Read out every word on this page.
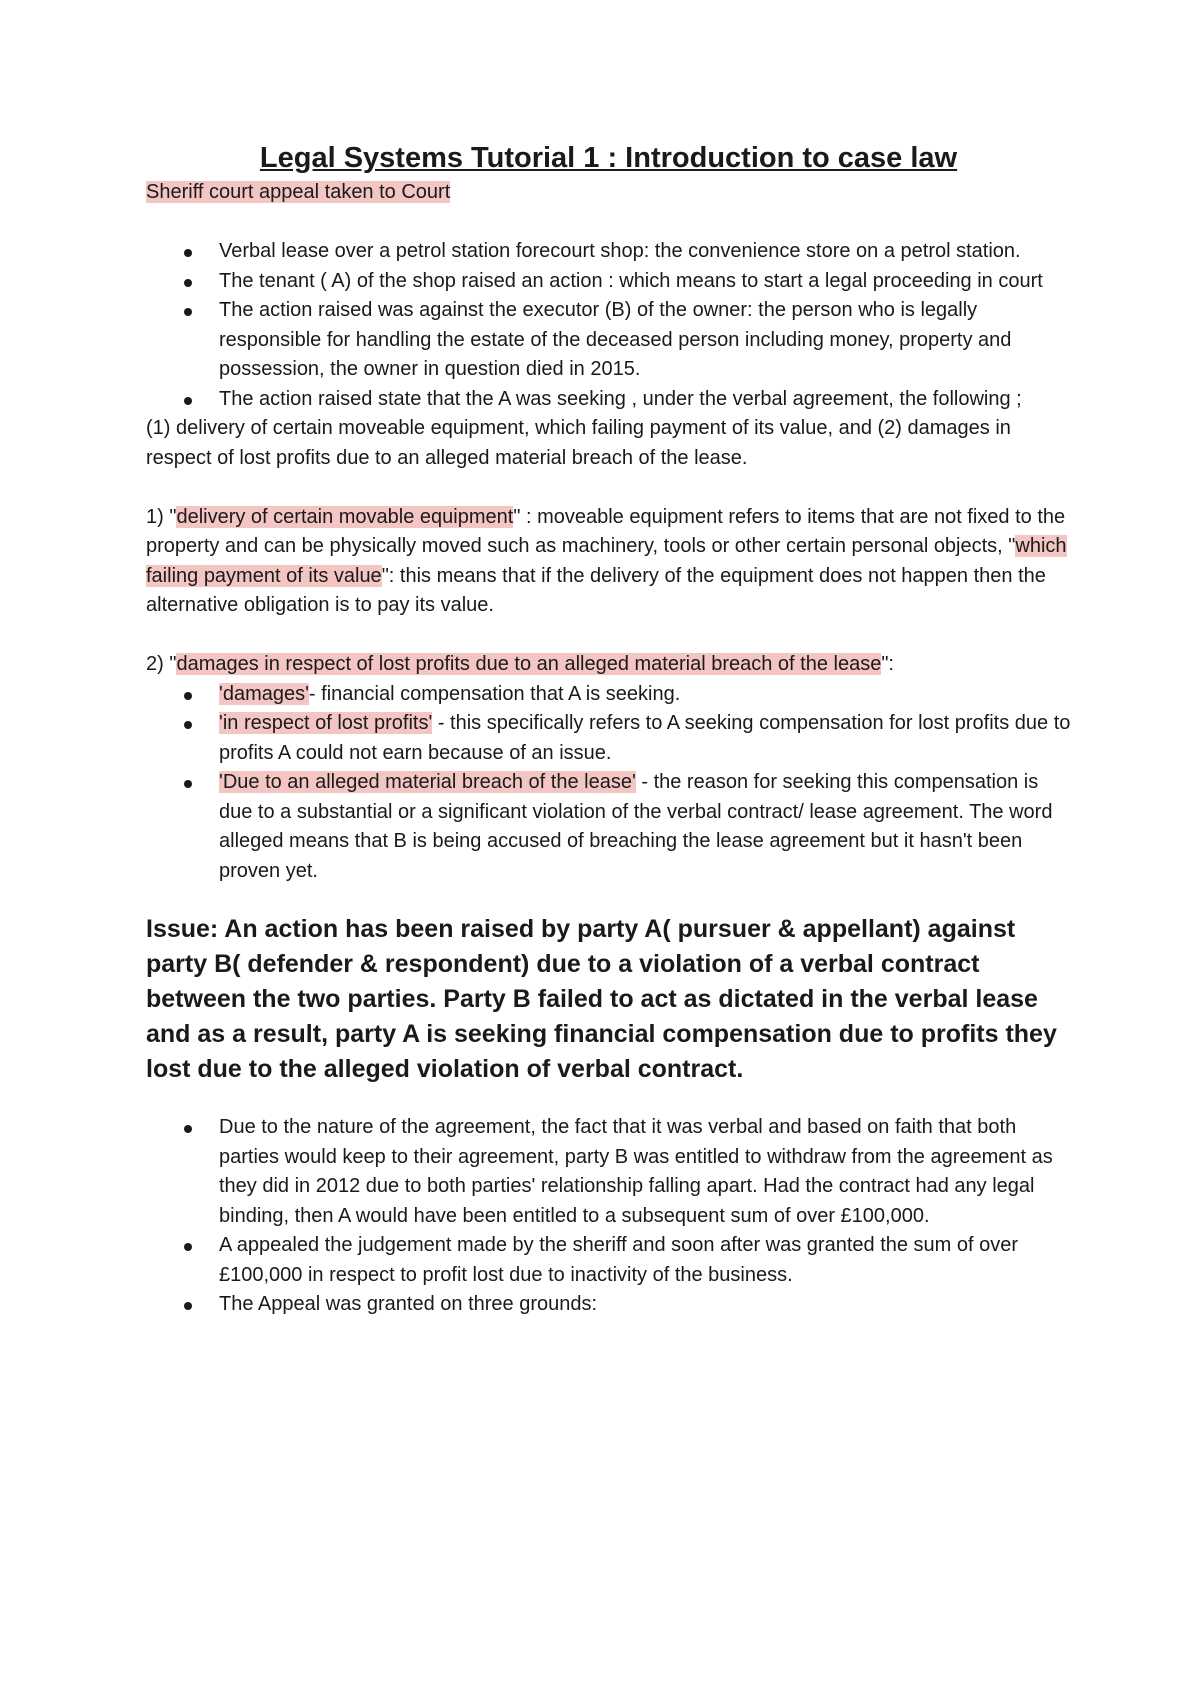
Legal Systems Tutorial 1 : Introduction to case law

Sheriff court appeal taken to Court

Verbal lease over a petrol station forecourt shop: the convenience store on a petrol station.
The tenant ( A) of the shop raised an action : which means to start a legal proceeding in court
The action raised was against the executor (B) of the owner: the person who is legally responsible for handling the estate of the deceased person including money, property and possession, the owner in question died in 2015.
The action raised state that the A was seeking , under the verbal agreement, the following ;

(1) delivery of certain moveable equipment, which failing payment of its value, and (2) damages in respect of lost profits due to an alleged material breach of the lease.

1) "delivery of certain movable equipment" : moveable equipment refers to items that are not fixed to the property and can be physically moved such as machinery, tools or other certain personal objects, "which failing payment of its value": this means that if the delivery of the equipment does not happen then the alternative obligation is to pay its value.

2) "damages in respect of lost profits due to an alleged material breach of the lease":

'damages'- financial compensation that A is seeking.
'in respect of lost profits' - this specifically refers to A seeking compensation for lost profits due to profits A could not earn because of an issue.
'Due to an alleged material breach of the lease' - the reason for seeking this compensation is due to a substantial or a significant violation of the verbal contract/ lease agreement. The word alleged means that B is being accused of breaching the lease agreement but it hasn't been proven yet.

Issue: An action has been raised by party A( pursuer & appellant) against party B( defender & respondent) due to a violation of a verbal contract between the two parties. Party B failed to act as dictated in the verbal lease and as a result, party A is seeking financial compensation due to profits they lost due to the alleged violation of verbal contract.

Due to the nature of the agreement, the fact that it was verbal and based on faith that both parties would keep to their agreement, party B was entitled to withdraw from the agreement as they did in 2012 due to both parties' relationship falling apart. Had the contract had any legal binding, then A would have been entitled to a subsequent sum of over £100,000.
A appealed the judgement made by the sheriff and soon after was granted the sum of over £100,000 in respect to profit lost due to inactivity of the business.
The Appeal was granted on three grounds:
